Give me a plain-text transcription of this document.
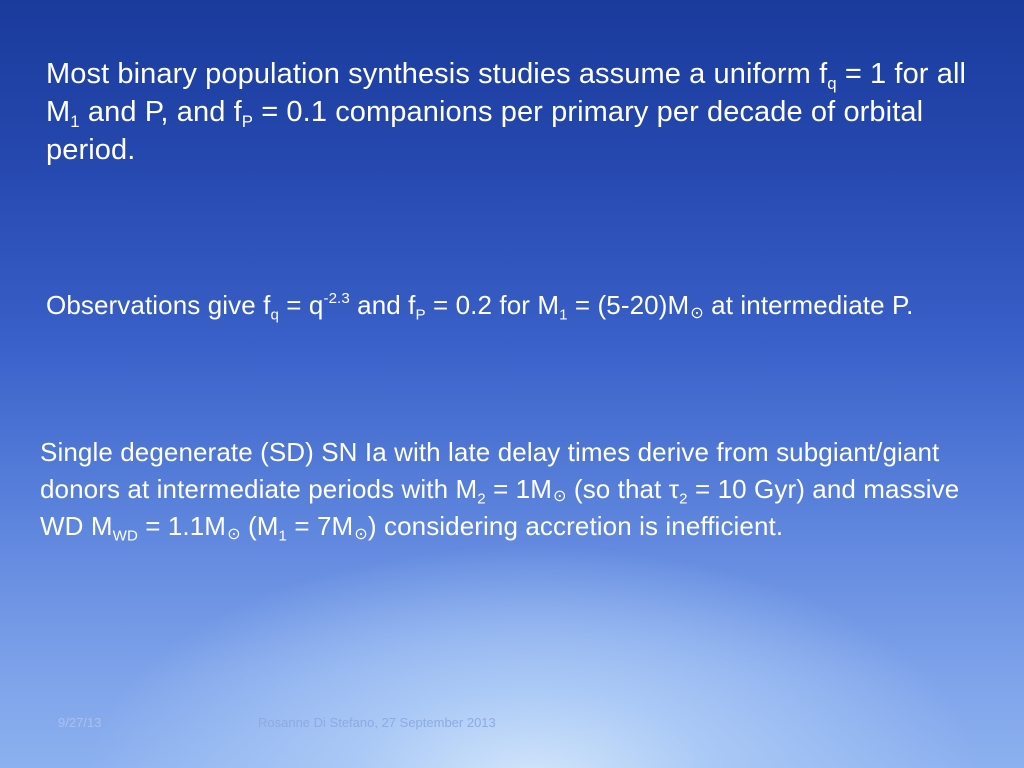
Most binary population synthesis studies assume a uniform $f_q = 1$ for all $M_1$ and P, and $f_P = 0.1$ companions per primary per decade of orbital period.

Observations give $f_q = q^{-2.3}$ and $f_P = 0.2$ for $M_1$ = (5-20)M⊙ at intermediate P.

Single degenerate (SD) SN Ia with late delay times derive from subgiant/giant donors at intermediate periods with $M_2$ = 1M⊙ (so that $\tau_2 = 10$ Gyr) and massive WD $M_{WD}$ = 1.1M⊙ ($M_1$ = 7M⊙) considering accretion is inefficient.

9/27/13	Rosanne Di Stefano, 27 September 2013
